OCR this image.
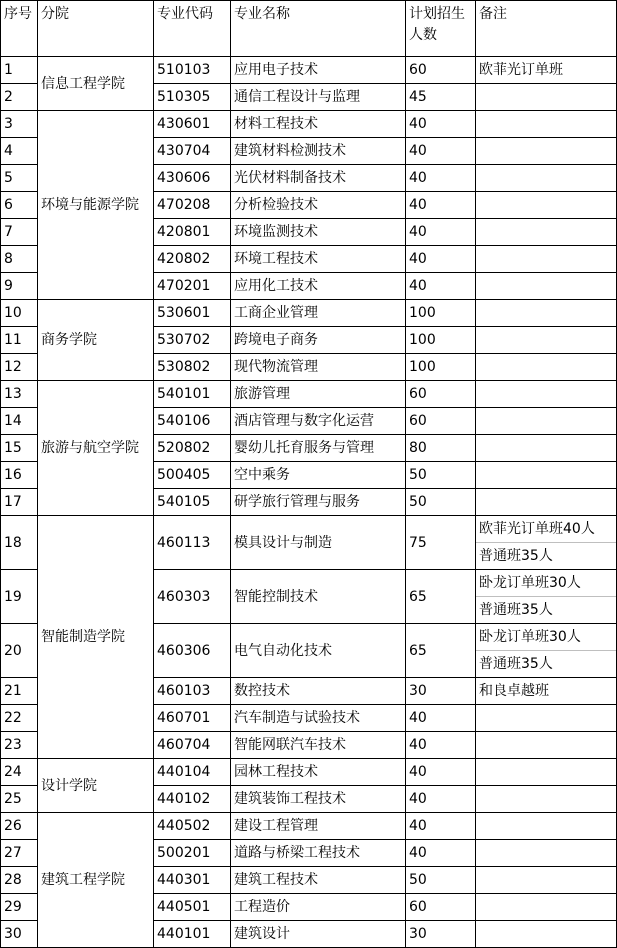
序号	分院	专业代码	专业名称	计划招生人数	备注
1	信息工程学院	510103	应用电子技术	60	欧菲光订单班

2		510305	通信工程设计与监理	45	
3	环境与能源学院	430601	材料工程技术	40	
4		430704	建筑材料检测技术	40	
5		430606	光伏材料制备技术	40	
6		470208	分析检验技术	40	
7		420801	环境监测技术	40	
8		420802	环境工程技术	40	
9		470201	应用化工技术	40	
10	商务学院	530601	工商企业管理	100	
11		530702	跨境电子商务	100	
12		530802	现代物流管理	100	
13	旅游与航空学院	540101	旅游管理	60	
14		540106	酒店管理与数字化运营	60	
15		520802	婴幼儿托育服务与管理	80	
16		500405	空中乘务	50	
17		540105	研学旅行管理与服务	50	
18	智能制造学院	460113	模具设计与制造	75	欧菲光订单班40人
普通班35人

19		460303	智能控制技术	65	卧龙订单班30人
普通班35人

20		460306	电气自动化技术	65	卧龙订单班30人
普通班35人

21		460103	数控技术	30	和良卓越班

22		460701	汽车制造与试验技术	40	
23		460704	智能网联汽车技术	40	
24	设计学院	440104	园林工程技术	40	
25		440102	建筑装饰工程技术	40	
26	建筑工程学院	440502	建设工程管理	40	
27		500201	道路与桥梁工程技术	40	
28		440301	建筑工程技术	50	
29		440501	工程造价	60	
30		440101	建筑设计	30	
